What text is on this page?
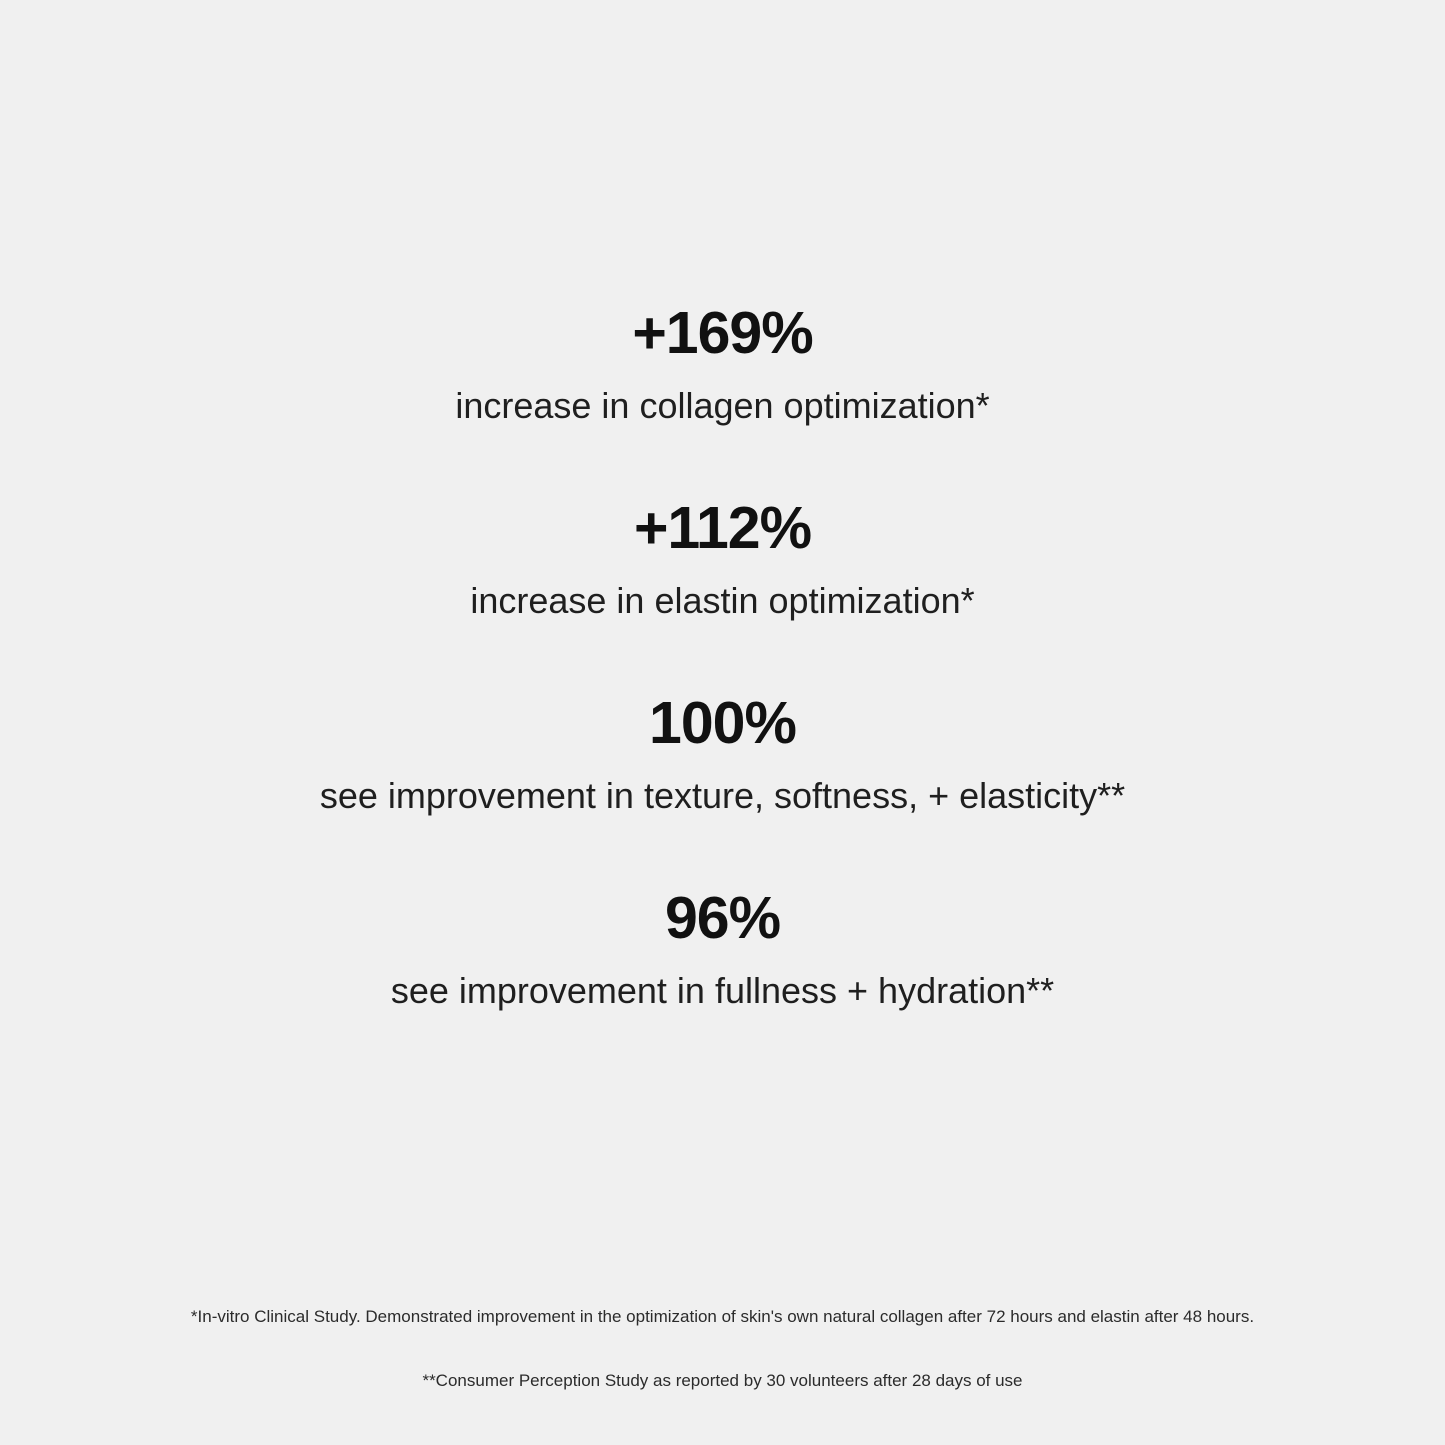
+169%
increase in collagen optimization*
+112%
increase in elastin optimization*
100%
see improvement in texture, softness, + elasticity**
96%
see improvement in fullness + hydration**
*In-vitro Clinical Study. Demonstrated improvement in the optimization of skin's own natural collagen after 72 hours and elastin after 48 hours.
**Consumer Perception Study as reported by 30 volunteers after 28 days of use
